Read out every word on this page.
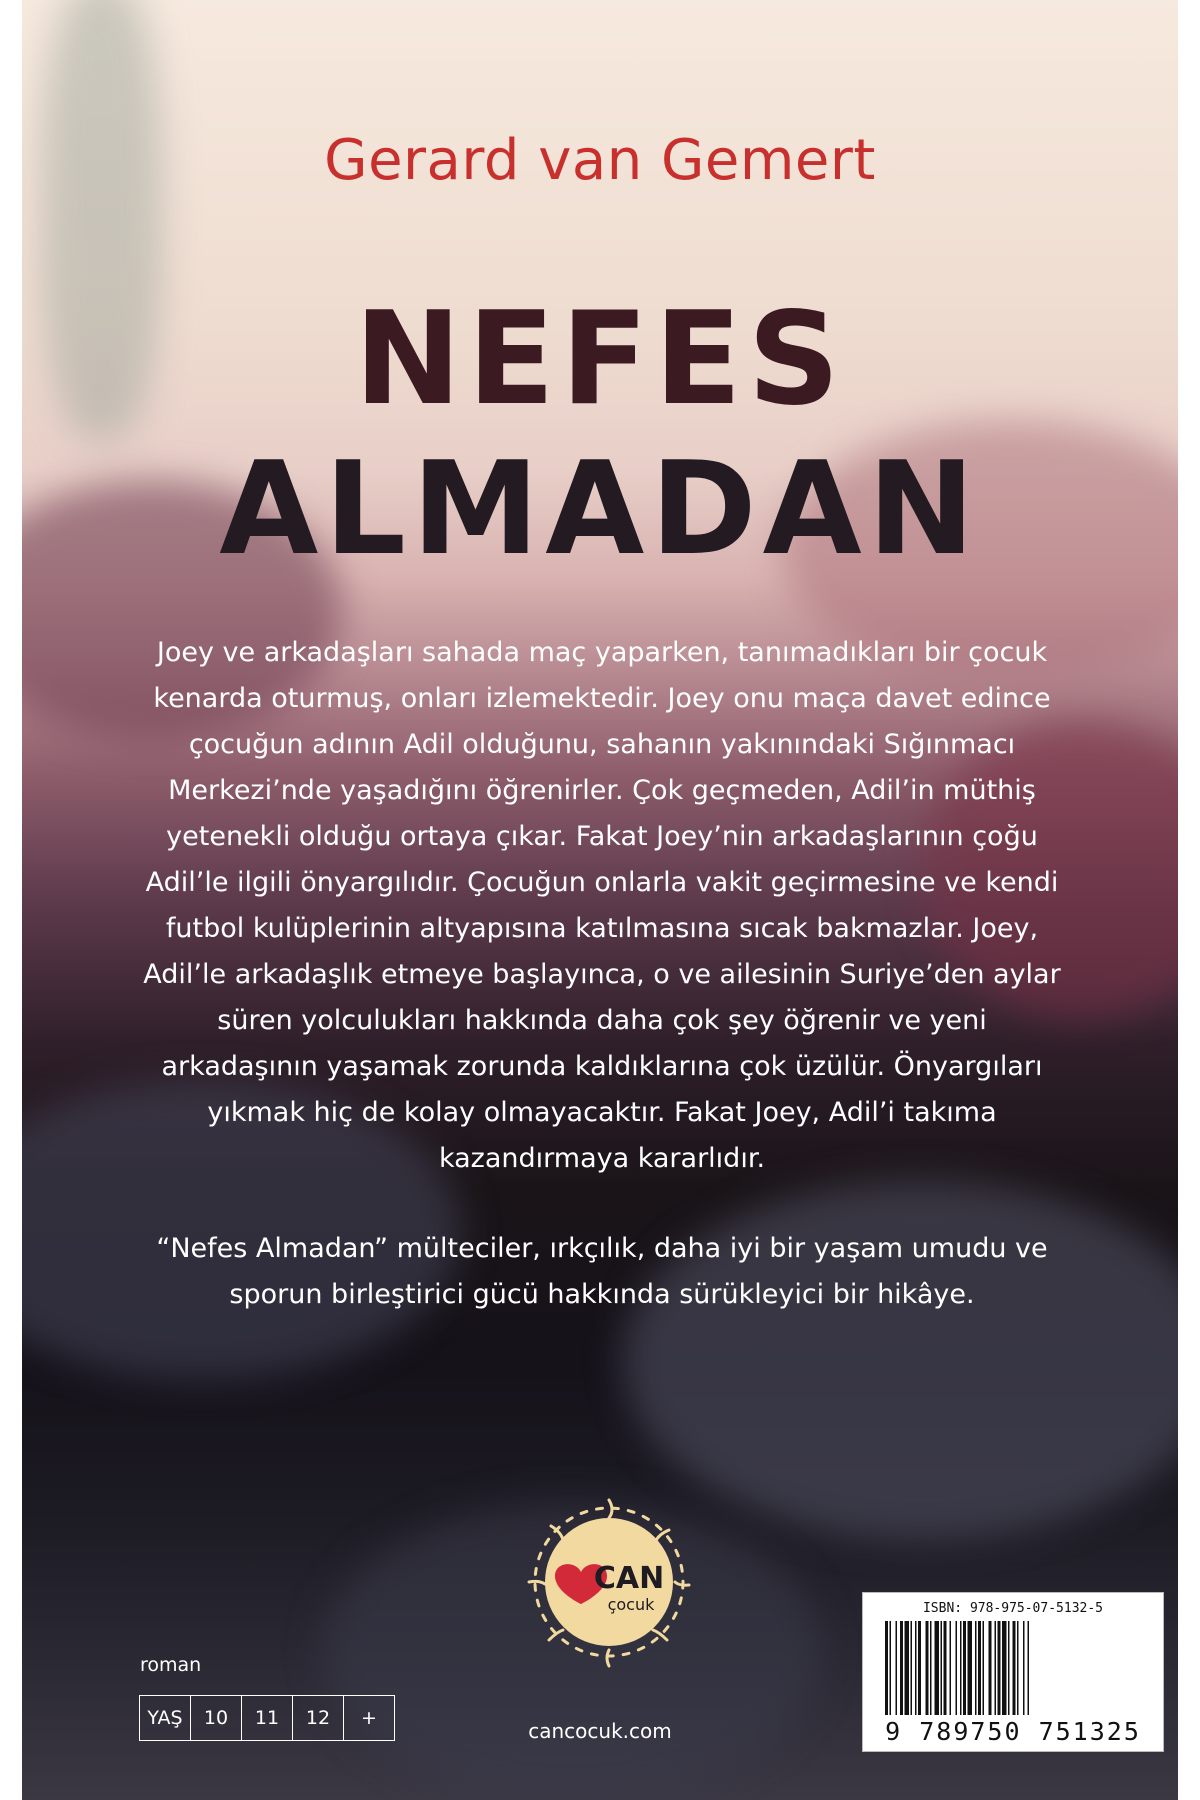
Gerard van Gemert
NEFES
ALMADAN

Joey ve arkadaşları sahada maç yaparken, tanımadıkları bir çocuk kenarda oturmuş, onları izlemektedir. Joey onu maça davet edince çocuğun adının Adil olduğunu, sahanın yakınındaki Sığınmacı Merkezi’nde yaşadığını öğrenirler. Çok geçmeden, Adil’in müthiş yetenekli olduğu ortaya çıkar. Fakat Joey’nin arkadaşlarının çoğu Adil’le ilgili önyargılıdır. Çocuğun onlarla vakit geçirmesine ve kendi futbol kulüplerinin altyapısına katılmasına sıcak bakmazlar. Joey, Adil’le arkadaşlık etmeye başlayınca, o ve ailesinin Suriye’den aylar süren yolculukları hakkında daha çok şey öğrenir ve yeni arkadaşının yaşamak zorunda kaldıklarına çok üzülür. Önyargıları yıkmak hiç de kolay olmayacaktır. Fakat Joey, Adil’i takıma kazandırmaya kararlıdır.

“Nefes Almadan” mülteciler, ırkçılık, daha iyi bir yaşam umudu ve sporun birleştirici gücü hakkında sürükleyici bir hikâye.

CAN
çocuk
cancocuk.com
roman
YAŞ	10	11	12	+
ISBN: 978-975-07-5132-5
9 789750 751325
